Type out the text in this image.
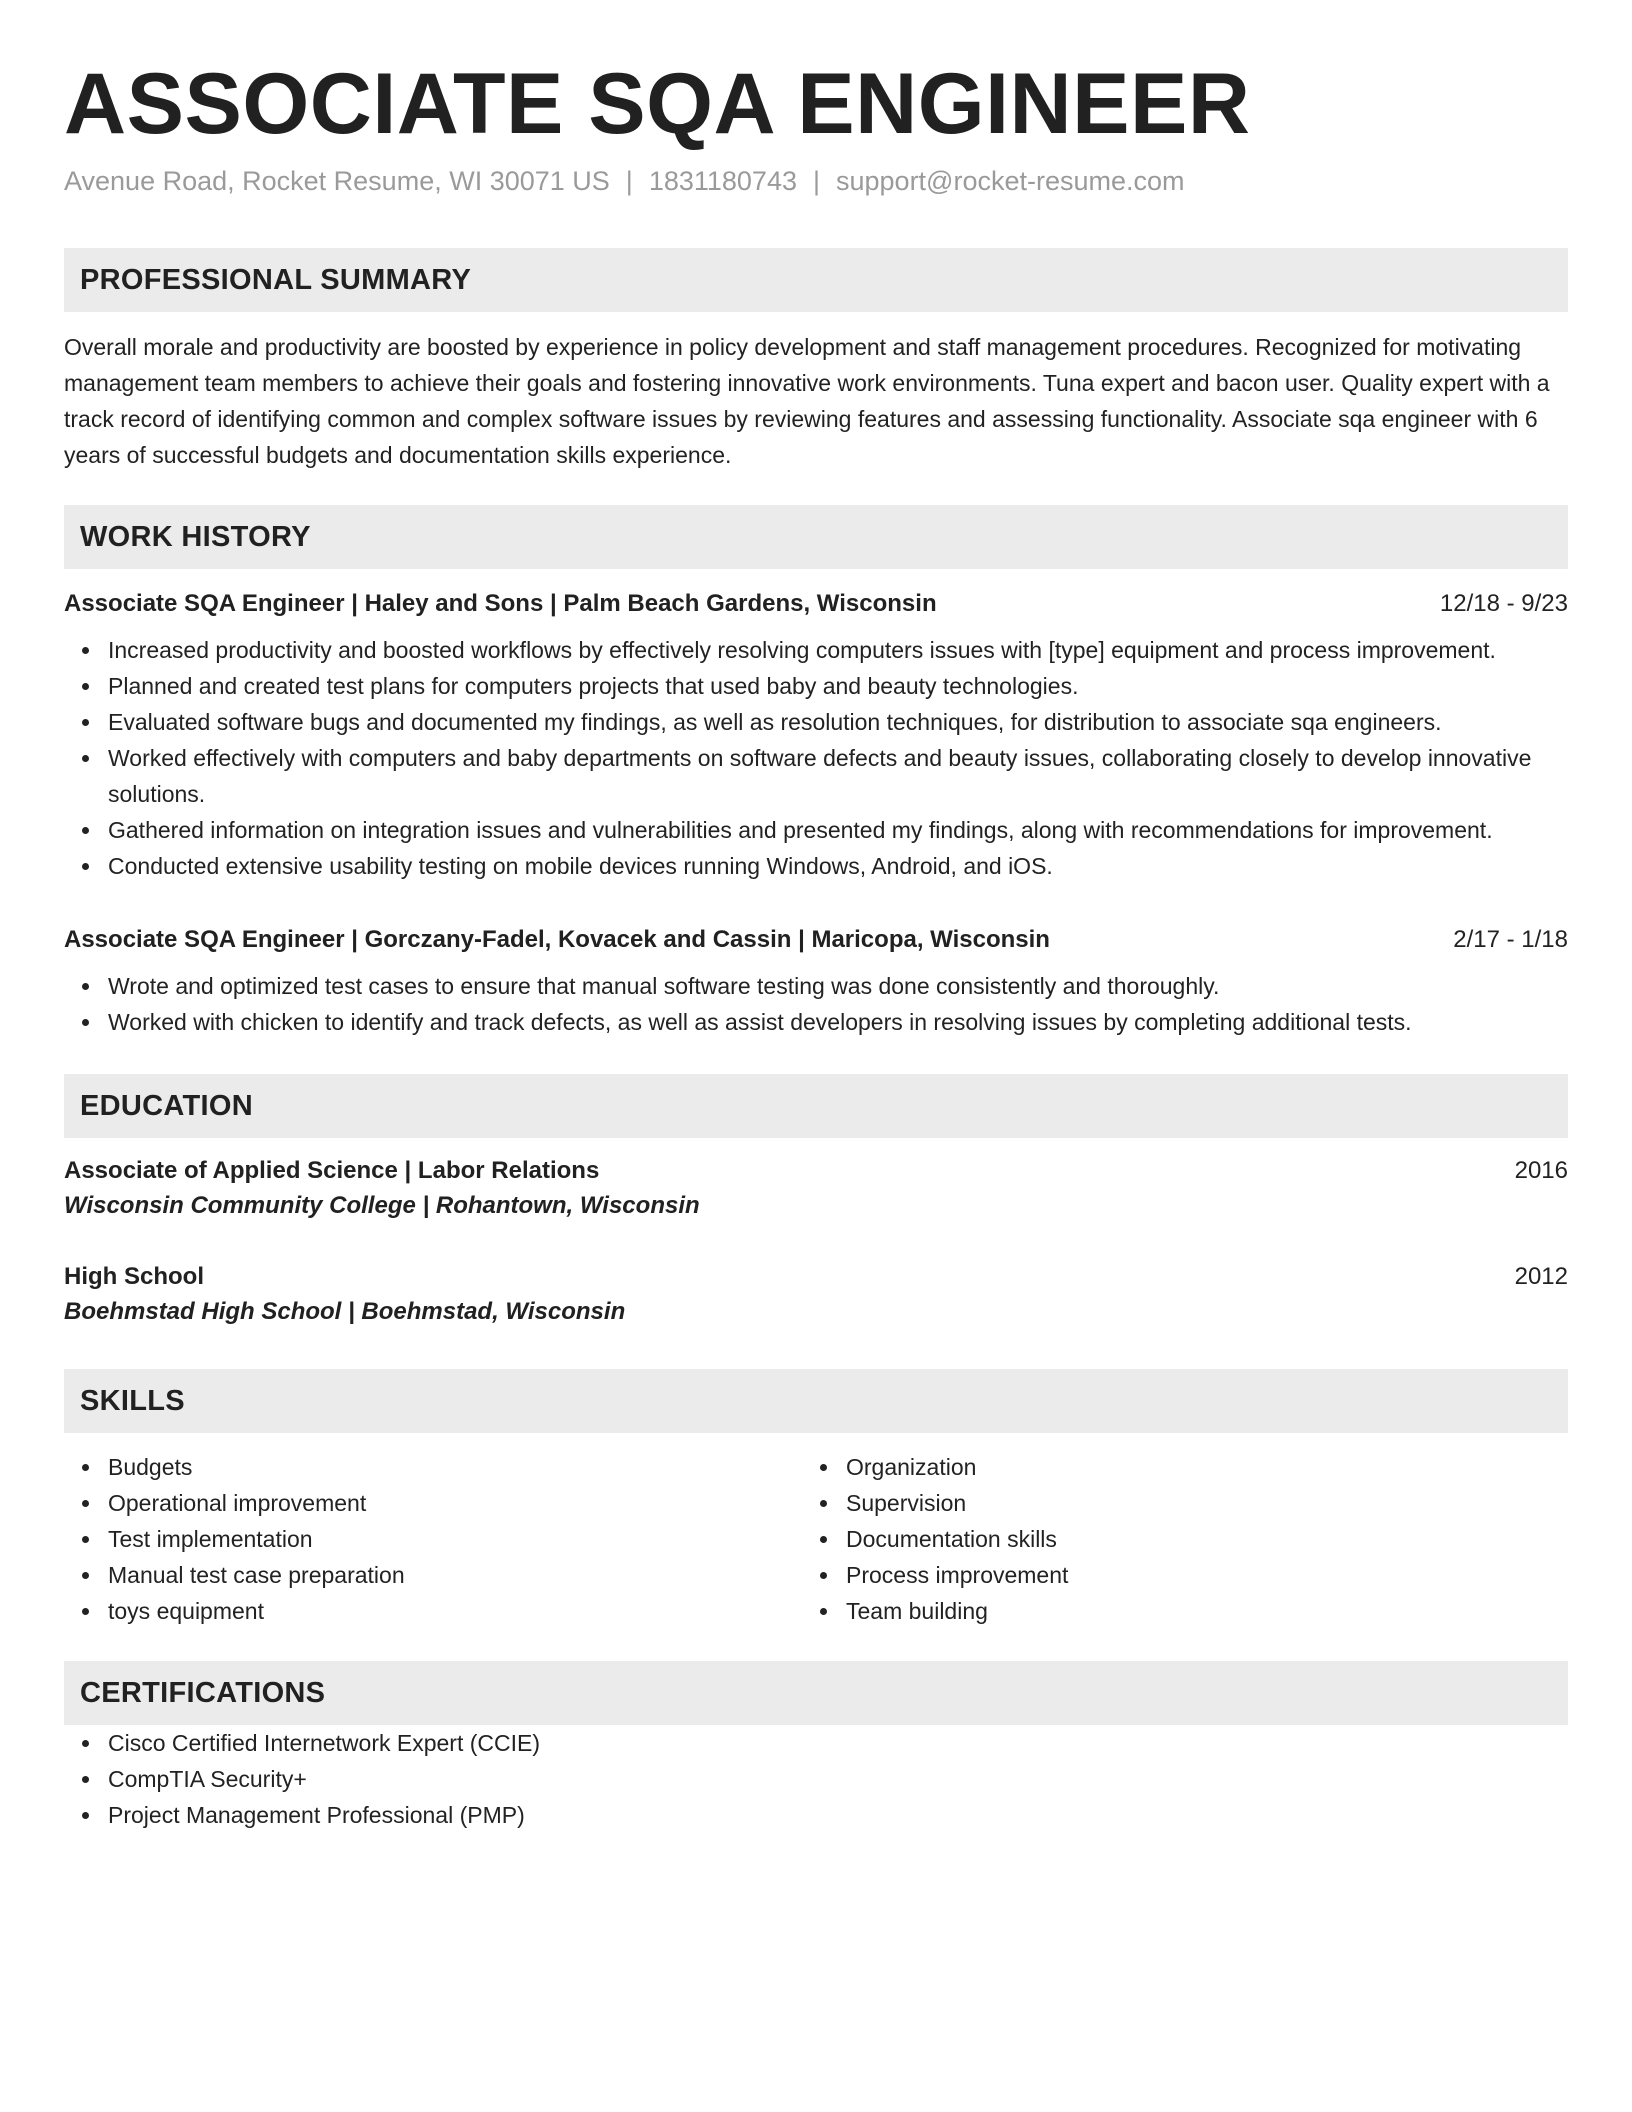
ASSOCIATE SQA ENGINEER
Avenue Road, Rocket Resume, WI 30071 US | 1831180743 | support@rocket-resume.com
PROFESSIONAL SUMMARY
Overall morale and productivity are boosted by experience in policy development and staff management procedures. Recognized for motivating management team members to achieve their goals and fostering innovative work environments. Tuna expert and bacon user. Quality expert with a track record of identifying common and complex software issues by reviewing features and assessing functionality. Associate sqa engineer with 6 years of successful budgets and documentation skills experience.
WORK HISTORY
Associate SQA Engineer | Haley and Sons | Palm Beach Gardens, Wisconsin	12/18 - 9/23
Increased productivity and boosted workflows by effectively resolving computers issues with [type] equipment and process improvement.
Planned and created test plans for computers projects that used baby and beauty technologies.
Evaluated software bugs and documented my findings, as well as resolution techniques, for distribution to associate sqa engineers.
Worked effectively with computers and baby departments on software defects and beauty issues, collaborating closely to develop innovative solutions.
Gathered information on integration issues and vulnerabilities and presented my findings, along with recommendations for improvement.
Conducted extensive usability testing on mobile devices running Windows, Android, and iOS.
Associate SQA Engineer | Gorczany-Fadel, Kovacek and Cassin | Maricopa, Wisconsin	2/17 - 1/18
Wrote and optimized test cases to ensure that manual software testing was done consistently and thoroughly.
Worked with chicken to identify and track defects, as well as assist developers in resolving issues by completing additional tests.
EDUCATION
Associate of Applied Science | Labor Relations	2016
Wisconsin Community College | Rohantown, Wisconsin
High School	2012
Boehmstad High School | Boehmstad, Wisconsin
SKILLS
Budgets
Operational improvement
Test implementation
Manual test case preparation
toys equipment
Organization
Supervision
Documentation skills
Process improvement
Team building
CERTIFICATIONS
Cisco Certified Internetwork Expert (CCIE)
CompTIA Security+
Project Management Professional (PMP)
